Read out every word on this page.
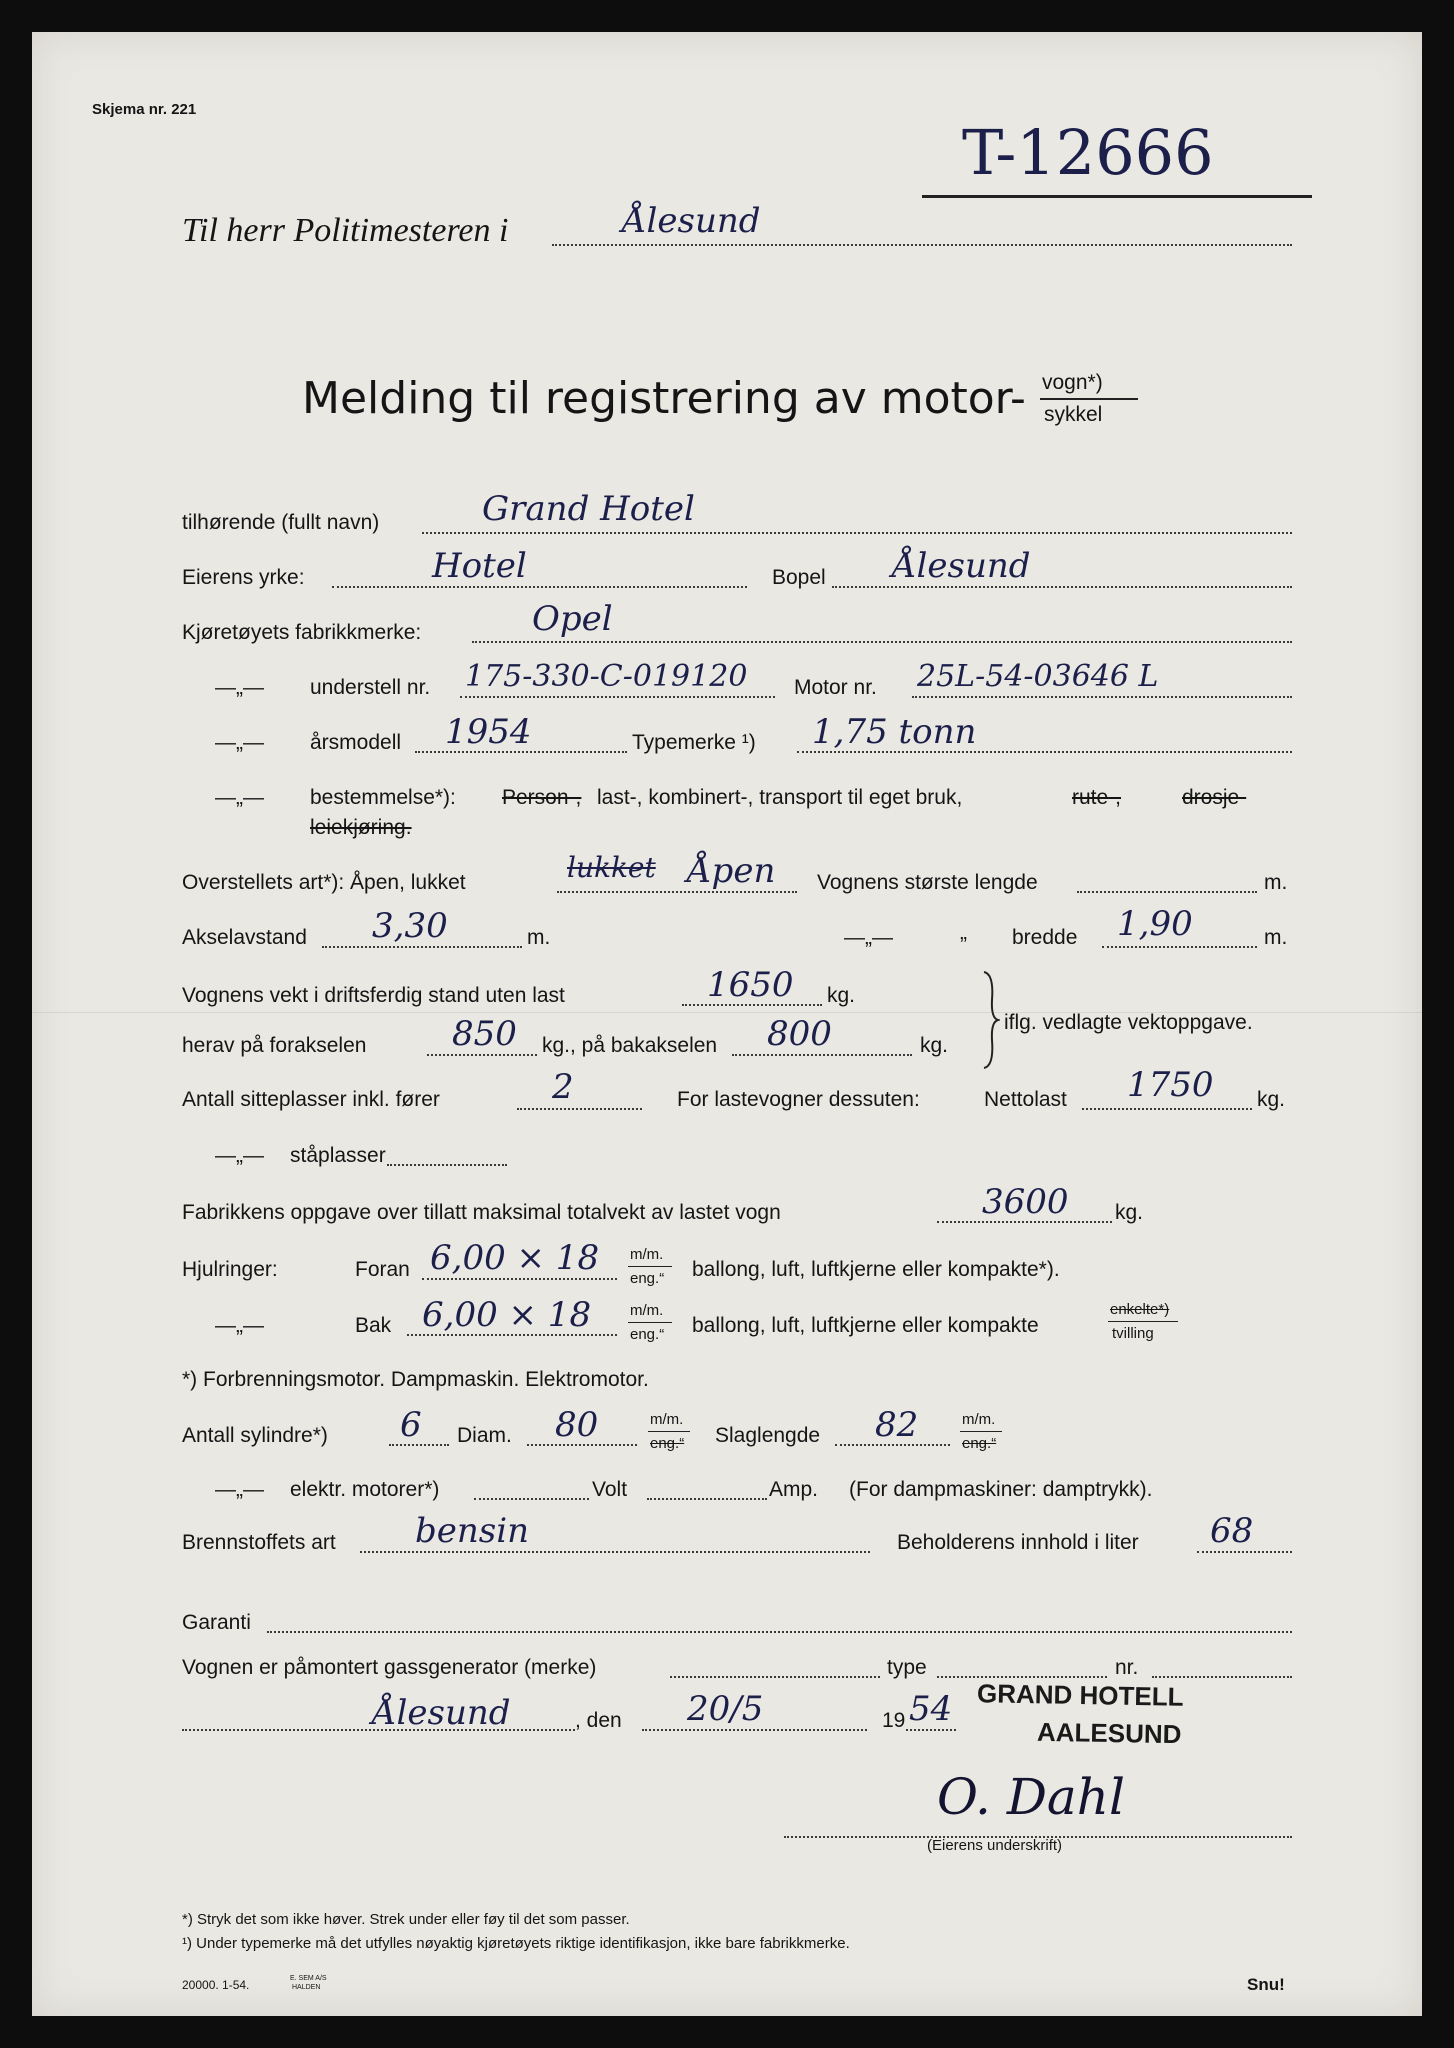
Skjema nr. 221
T-12666
Til herr Politimesteren i	Ålesund
Melding til registrering av motor- vogn*)
sykkel
tilhørende (fullt navn)	Grand Hotel
Eierens yrke:	Hotel	Bopel Ålesund
Kjøretøyets fabrikkmerke:	Opel
—„— understell nr. 175-330-C-019120 Motor nr. 25L-54-03646 L
—„— årsmodell 1954	Typemerke ¹) 1,75 tonn
—„— bestemmelse*): Person-, last-, kombinert-, transport til eget bruk,	rute-,	drosje-
leiekjøring.
Overstellets art*): Åpen, lukket	lukket Åpen Vognens største lengde	m.
Akselavstand 3,30	m.	—„—	„ bredde 1,90	m.
Vognens vekt i driftsferdig stand uten last	1650 kg.
herav på forakselen	850 kg., på bakakselen 800	kg.
iflg. vedlagte vektoppgave.
Antall sitteplasser inkl. fører	2	For lastevogner dessuten:	Nettolast 1750 kg.
—„— ståplasser
Fabrikkens oppgave over tillatt maksimal totalvekt av lastet vogn	3600 kg.
Hjulringer:	Foran 6,00 × 18 m/m.
eng.“ ballong, luft, luftkjerne eller kompakte*).
—„—	Bak 6,00 × 18	m/m.
eng.“ ballong, luft, luftkjerne eller kompakte
enkelte*)
tvilling
*) Forbrenningsmotor. Dampmaskin. Elektromotor.
Antall sylindre*) 6 Diam. 80	m/m.
eng.“ Slaglengde 82	m/m.
eng.“
—„— elektr. motorer*)	Volt	Amp. (For dampmaskiner: damptrykk).
Brennstoffets art bensin	Beholderens innhold i liter 68
Garanti
Vognen er påmontert gassgenerator (merke)	type	nr.
Ålesund	, den 20/5	19 54 GRAND HOTELL
AALESUND
O. Dahl
(Eierens underskrift)
*) Stryk det som ikke høver. Strek under eller føy til det som passer.
¹) Under typemerke må det utfylles nøyaktig kjøretøyets riktige identifikasjon, ikke bare fabrikkmerke.
20000. 1-54.	E. SEM A/S
HALDEN	Snu!
